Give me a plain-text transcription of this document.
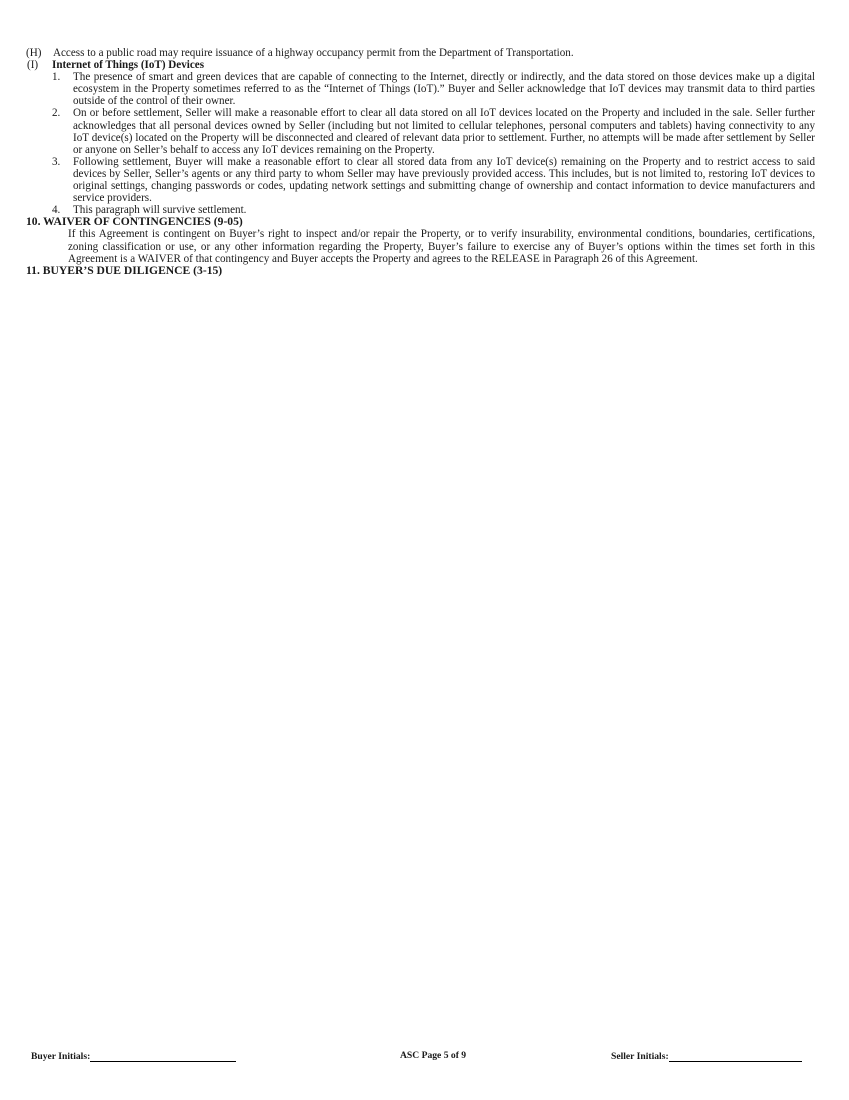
(H) Access to a public road may require issuance of a highway occupancy permit from the Department of Transportation.
(I) Internet of Things (IoT) Devices
1. The presence of smart and green devices that are capable of connecting to the Internet, directly or indirectly, and the data stored on those devices make up a digital ecosystem in the Property sometimes referred to as the “Internet of Things (IoT).” Buyer and Seller acknowledge that IoT devices may transmit data to third parties outside of the control of their owner.
2. On or before settlement, Seller will make a reasonable effort to clear all data stored on all IoT devices located on the Property and included in the sale. Seller further acknowledges that all personal devices owned by Seller (including but not limited to cellular telephones, personal computers and tablets) having connectivity to any IoT device(s) located on the Property will be disconnected and cleared of relevant data prior to settlement. Further, no attempts will be made after settlement by Seller or anyone on Seller’s behalf to access any IoT devices remaining on the Property.
3. Following settlement, Buyer will make a reasonable effort to clear all stored data from any IoT device(s) remaining on the Property and to restrict access to said devices by Seller, Seller’s agents or any third party to whom Seller may have previously provided access. This includes, but is not limited to, restoring IoT devices to original settings, changing passwords or codes, updating network settings and submitting change of ownership and contact information to device manufacturers and service providers.
4. This paragraph will survive settlement.
10. WAIVER OF CONTINGENCIES (9-05)
If this Agreement is contingent on Buyer’s right to inspect and/or repair the Property, or to verify insurability, environmental conditions, boundaries, certifications, zoning classification or use, or any other information regarding the Property, Buyer’s failure to exercise any of Buyer’s options within the times set forth in this Agreement is a WAIVER of that contingency and Buyer accepts the Property and agrees to the RELEASE in Paragraph 26 of this Agreement.
11. BUYER’S DUE DILIGENCE (3-15)
Buyer Initials:	ASC Page 5 of 9	Seller Initials:
